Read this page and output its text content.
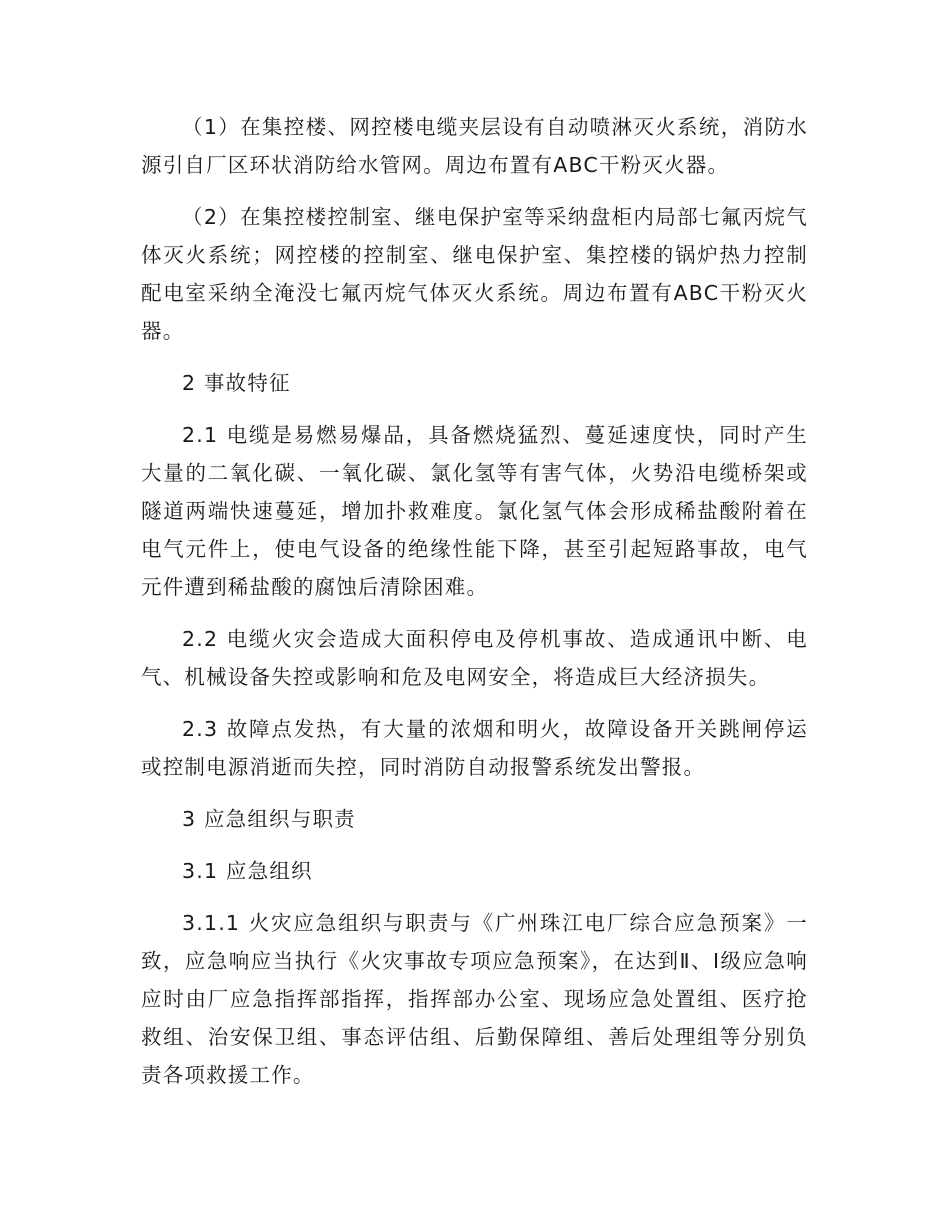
（1）在集控楼、网控楼电缆夹层设有自动喷淋灭火系统，消防水源引自厂区环状消防给水管网。周边布置有ABC干粉灭火器。

（2）在集控楼控制室、继电保护室等采纳盘柜内局部七氟丙烷气体灭火系统；网控楼的控制室、继电保护室、集控楼的锅炉热力控制配电室采纳全淹没七氟丙烷气体灭火系统。周边布置有ABC干粉灭火器。

2 事故特征

2.1 电缆是易燃易爆品，具备燃烧猛烈、蔓延速度快，同时产生大量的二氧化碳、一氧化碳、氯化氢等有害气体，火势沿电缆桥架或隧道两端快速蔓延，增加扑救难度。氯化氢气体会形成稀盐酸附着在电气元件上，使电气设备的绝缘性能下降，甚至引起短路事故，电气元件遭到稀盐酸的腐蚀后清除困难。

2.2 电缆火灾会造成大面积停电及停机事故、造成通讯中断、电气、机械设备失控或影响和危及电网安全，将造成巨大经济损失。

2.3 故障点发热，有大量的浓烟和明火，故障设备开关跳闸停运或控制电源消逝而失控，同时消防自动报警系统发出警报。

3 应急组织与职责

3.1 应急组织

3.1.1 火灾应急组织与职责与《广州珠江电厂综合应急预案》一致，应急响应当执行《火灾事故专项应急预案》，在达到Ⅱ、Ⅰ级应急响应时由厂应急指挥部指挥，指挥部办公室、现场应急处置组、医疗抢救组、治安保卫组、事态评估组、后勤保障组、善后处理组等分别负责各项救援工作。
